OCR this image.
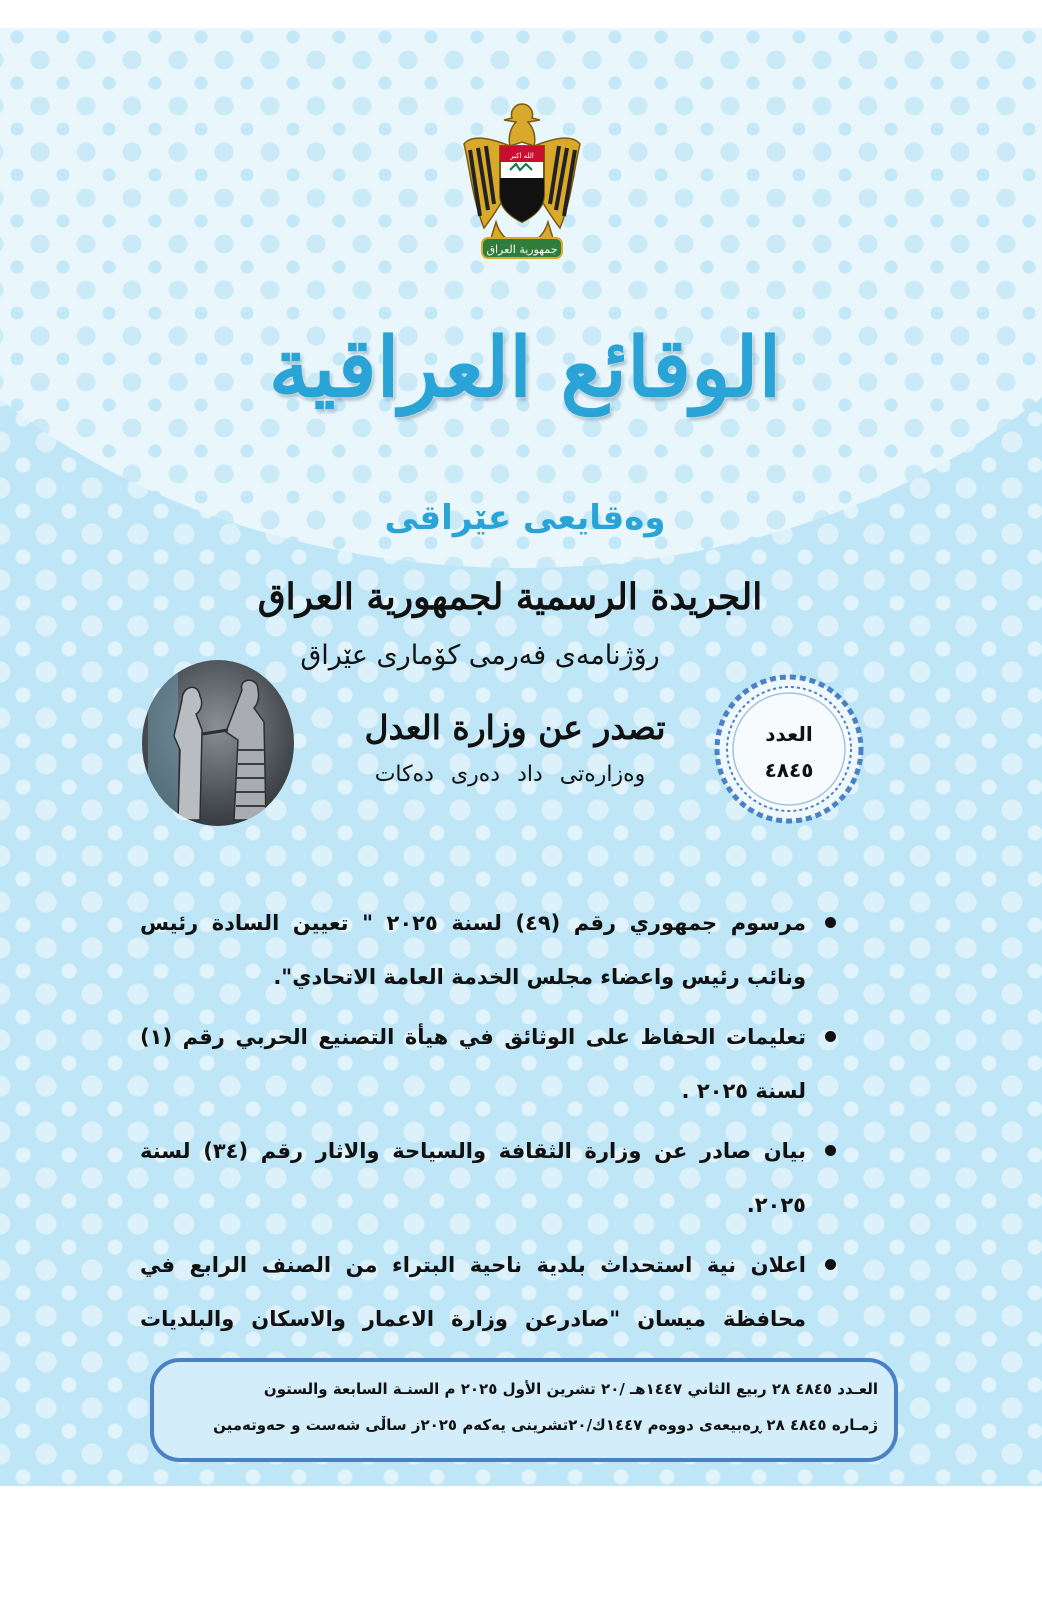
جمهورية العراق
الله اكبر
الوقائع العراقية
وەقايعى عێراقى
الجريدة الرسمية لجمهورية العراق
رۆژنامەی فەرمی کۆماری عێراق
تصدر عن وزارة العدل
وەزارەتی داد دەری دەکات
العدد
٤٨٤٥
مرسوم جمهوري رقم (٤٩) لسنة ٢٠٢٥ " تعيين السادة رئيس ونائب رئيس واعضاء مجلس الخدمة العامة الاتحادي".
تعليمات الحفاظ على الوثائق في هيأة التصنيع الحربي رقم (١) لسنة ٢٠٢٥ .
بيان صادر عن وزارة الثقافة والسياحة والاثار رقم (٣٤) لسنة ٢٠٢٥.
اعلان نية استحداث بلدية ناحية البتراء من الصنف الرابع في محافظة ميسان "صادرعن وزارة الاعمار والاسكان والبلديات
العـدد ٤٨٤٥ ٢٨ ربيع الثاني ١٤٤٧هـ /٢٠ تشرين الأول ٢٠٢٥ م السنـة السابعة والستون
ژمـاره ٤٨٤٥ ٢٨ ڕەبیعەی دووەم ١٤٤٧ك/٢٠تشرینی یەکەم ٢٠٢٥ز ساڵی شەست و حەوتەمین
